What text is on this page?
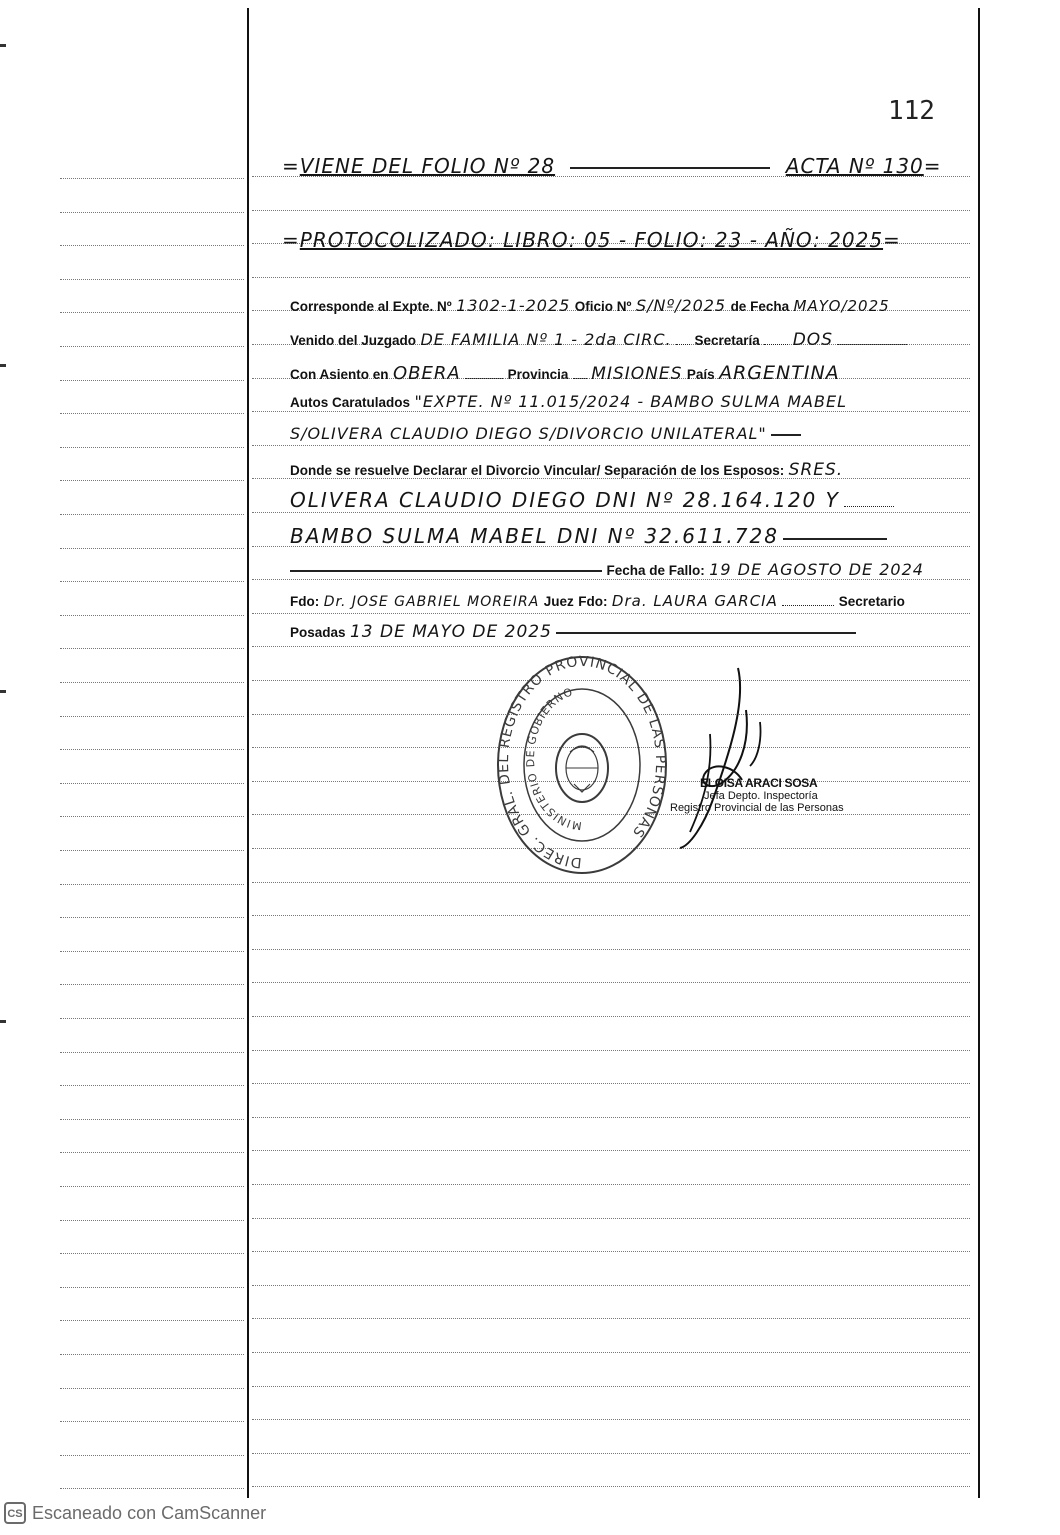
112
=VIENE DEL FOLIO Nº 28	ACTA Nº 130=
=PROTOCOLIZADO: LIBRO: 05 - FOLIO: 23 - AÑO: 2025=
Corresponde al Expte. Nº 1302-1-2025 Oficio Nº S/Nº/2025 de Fecha MAYO/2025
Venido del Juzgado DE FAMILIA Nº 1 - 2da CIRC. Secretaría DOS
Con Asiento en OBERA	Provincia MISIONES País ARGENTINA
Autos Caratulados "EXPTE. Nº 11.015/2024 - BAMBO SULMA MABEL
S/OLIVERA CLAUDIO DIEGO S/DIVORCIO UNILATERAL"
Donde se resuelve Declarar el Divorcio Vincular/ Separación de los Esposos: SRES.
OLIVERA CLAUDIO DIEGO DNI Nº 28.164.120 Y
BAMBO SULMA MABEL DNI Nº 32.611.728
Fecha de Fallo: 19 DE AGOSTO DE 2024
Fdo: Dr. JOSE GABRIEL MOREIRA Juez Fdo: Dra. LAURA GARCIA	Secretario
Posadas 13 DE MAYO DE 2025
DIREC. GRAL. DEL REGISTRO PROVINCIAL DE LAS PERSONAS
MINISTERIO DE GOBIERNO
ELOISA ARACI SOSA
Jefa Depto. Inspectoría
Registro Provincial de las Personas
CS Escaneado con CamScanner
